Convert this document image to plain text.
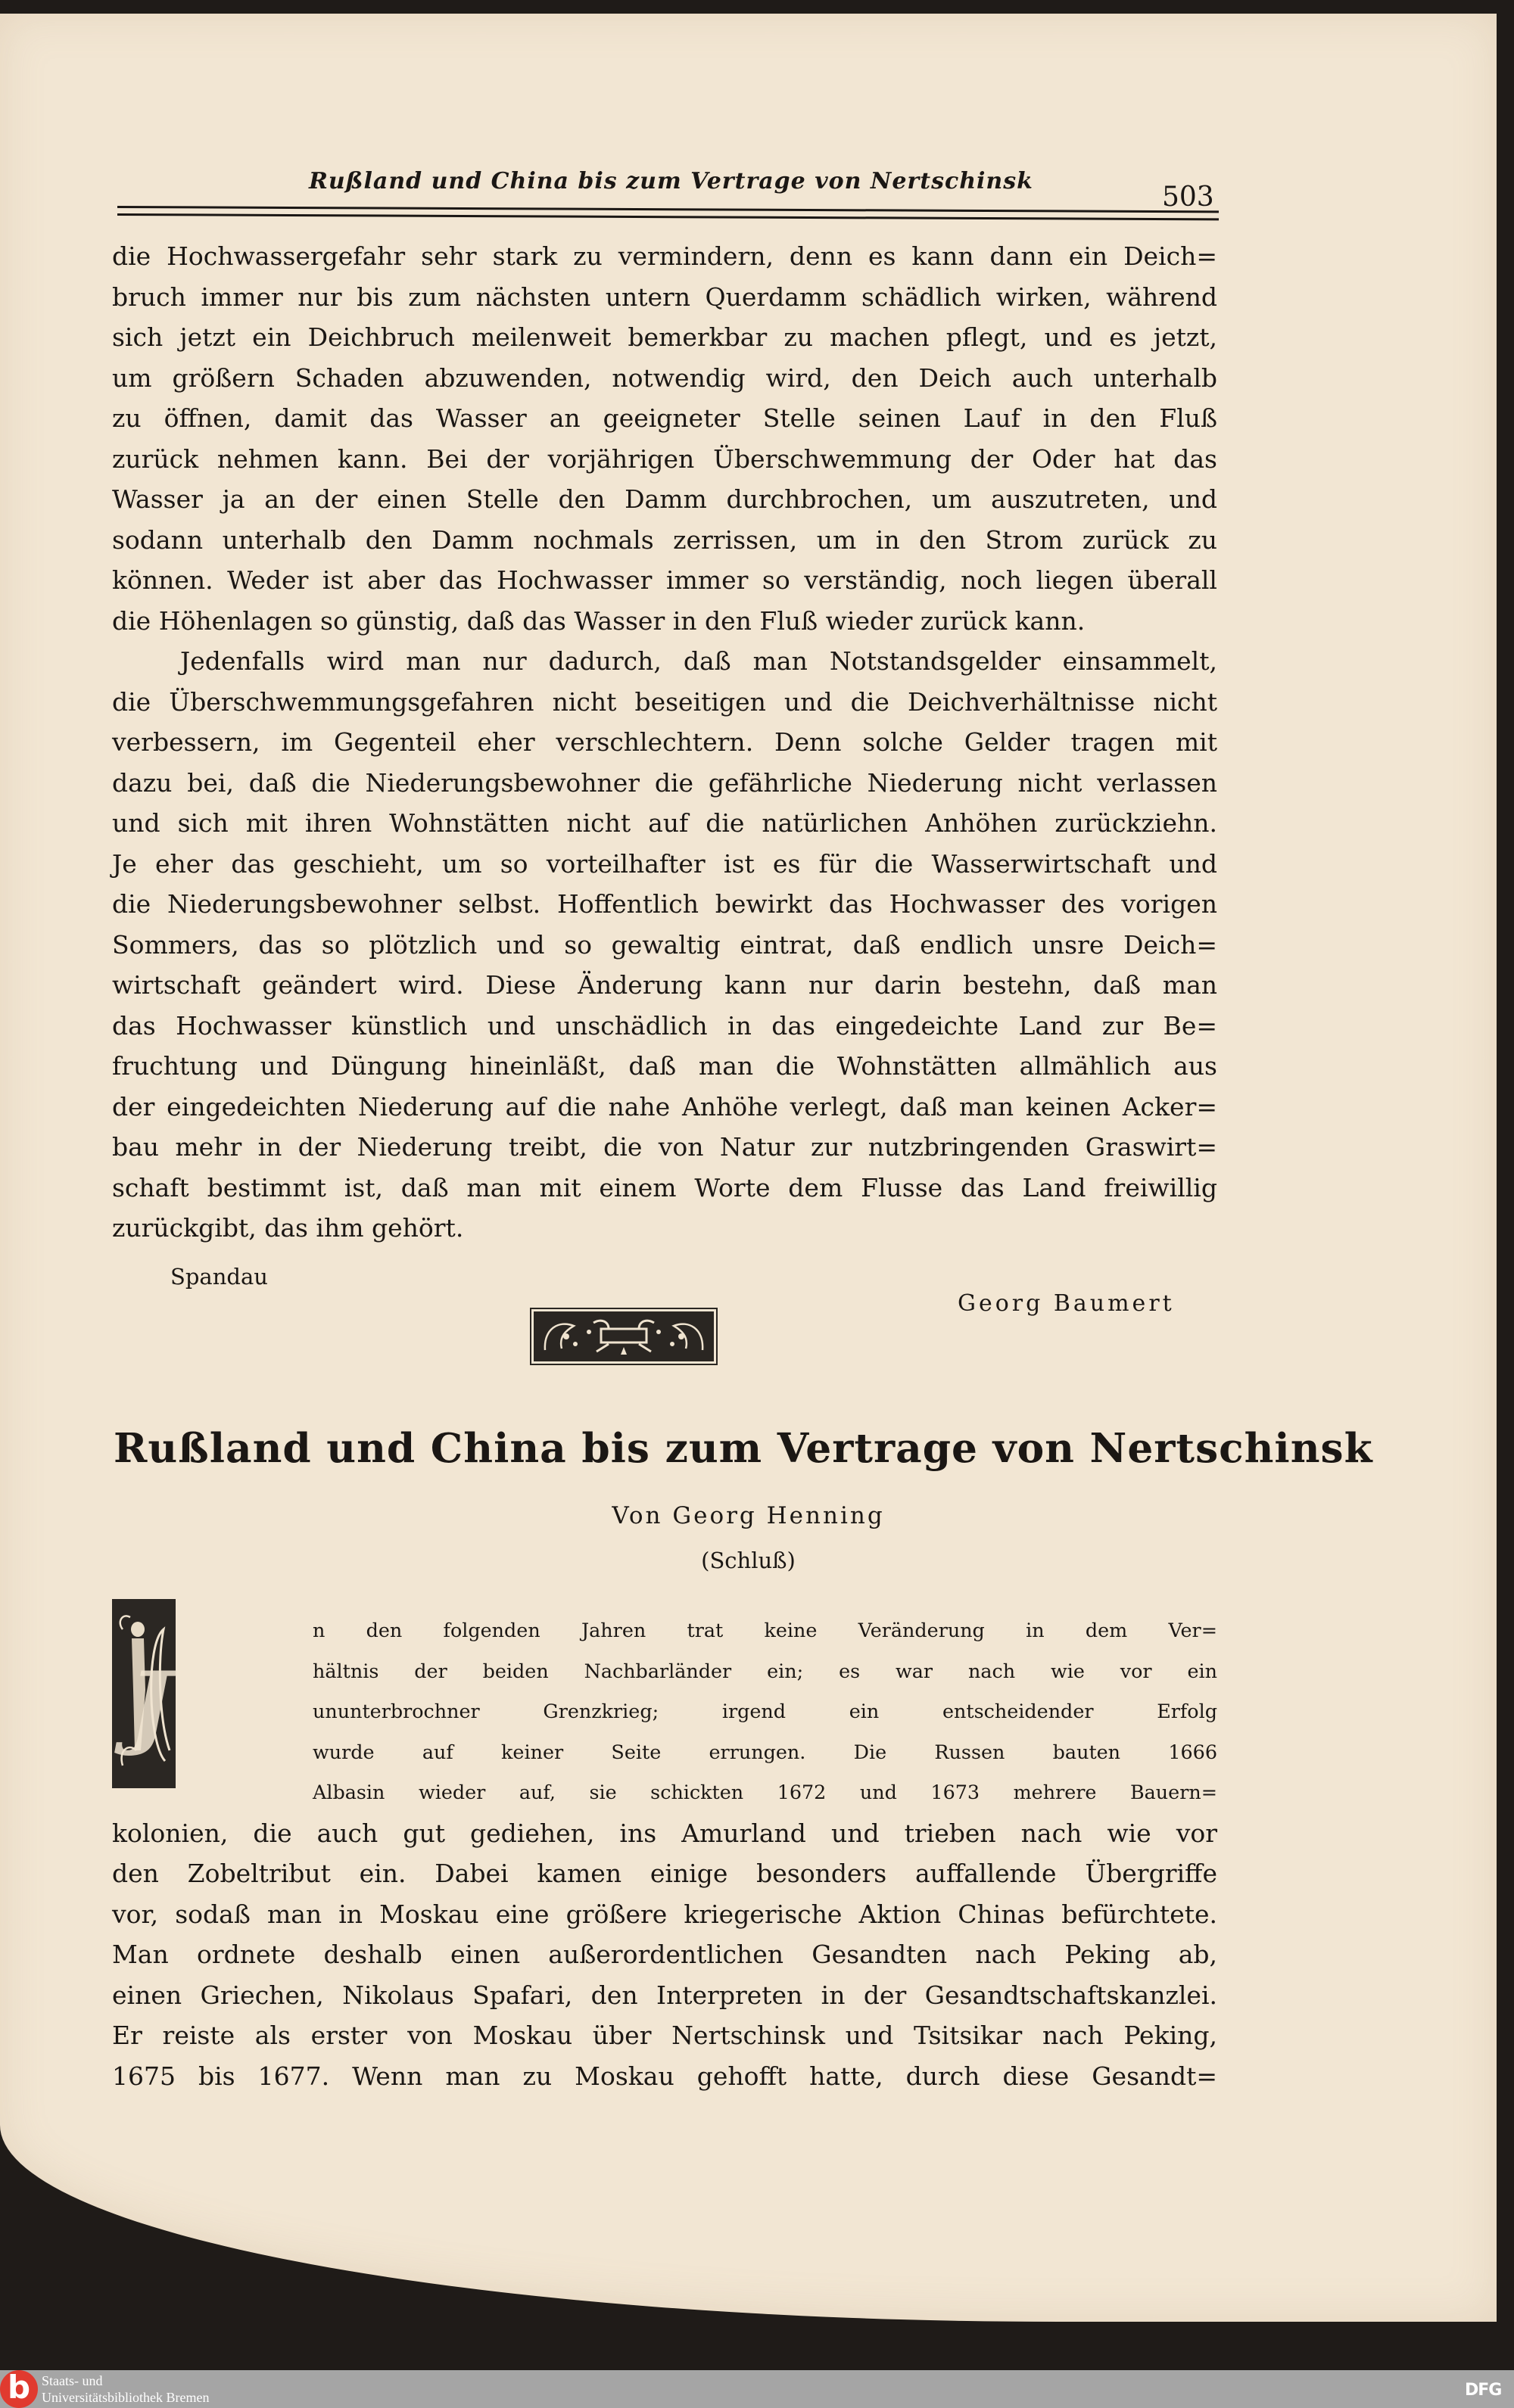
Rußland und China bis zum Vertrage von Nertschinsk
503
die Hochwassergefahr sehr stark zu vermindern, denn es kann dann ein Deich=
bruch immer nur bis zum nächsten untern Querdamm schädlich wirken, während
sich jetzt ein Deichbruch meilenweit bemerkbar zu machen pflegt, und es jetzt,
um größern Schaden abzuwenden, notwendig wird, den Deich auch unterhalb
zu öffnen, damit das Wasser an geeigneter Stelle seinen Lauf in den Fluß
zurück nehmen kann. Bei der vorjährigen Überschwemmung der Oder hat das
Wasser ja an der einen Stelle den Damm durchbrochen, um auszutreten, und
sodann unterhalb den Damm nochmals zerrissen, um in den Strom zurück zu
können. Weder ist aber das Hochwasser immer so verständig, noch liegen überall
die Höhenlagen so günstig, daß das Wasser in den Fluß wieder zurück kann.
Jedenfalls wird man nur dadurch, daß man Notstandsgelder einsammelt,
die Überschwemmungsgefahren nicht beseitigen und die Deichverhältnisse nicht
verbessern, im Gegenteil eher verschlechtern. Denn solche Gelder tragen mit
dazu bei, daß die Niederungsbewohner die gefährliche Niederung nicht verlassen
und sich mit ihren Wohnstätten nicht auf die natürlichen Anhöhen zurückziehn.
Je eher das geschieht, um so vorteilhafter ist es für die Wasserwirtschaft und
die Niederungsbewohner selbst. Hoffentlich bewirkt das Hochwasser des vorigen
Sommers, das so plötzlich und so gewaltig eintrat, daß endlich unsre Deich=
wirtschaft geändert wird. Diese Änderung kann nur darin bestehn, daß man
das Hochwasser künstlich und unschädlich in das eingedeichte Land zur Be=
fruchtung und Düngung hineinläßt, daß man die Wohnstätten allmählich aus
der eingedeichten Niederung auf die nahe Anhöhe verlegt, daß man keinen Acker=
bau mehr in der Niederung treibt, die von Natur zur nutzbringenden Graswirt=
schaft bestimmt ist, daß man mit einem Worte dem Flusse das Land freiwillig
zurückgibt, das ihm gehört.
Spandau
Georg Baumert
Rußland und China bis zum Vertrage von Nertschinsk
Von Georg Henning
(Schluß)
J
n den folgenden Jahren trat keine Veränderung in dem Ver=
hältnis der beiden Nachbarländer ein; es war nach wie vor ein
ununterbrochner Grenzkrieg; irgend ein entscheidender Erfolg
wurde auf keiner Seite errungen. Die Russen bauten 1666
Albasin wieder auf, sie schickten 1672 und 1673 mehrere Bauern=
kolonien, die auch gut gediehen, ins Amurland und trieben nach wie vor
den Zobeltribut ein. Dabei kamen einige besonders auffallende Übergriffe
vor, sodaß man in Moskau eine größere kriegerische Aktion Chinas befürchtete.
Man ordnete deshalb einen außerordentlichen Gesandten nach Peking ab,
einen Griechen, Nikolaus Spafari, den Interpreten in der Gesandtschaftskanzlei.
Er reiste als erster von Moskau über Nertschinsk und Tsitsikar nach Peking,
1675 bis 1677. Wenn man zu Moskau gehofft hatte, durch diese Gesandt=
b Staats- und
Universitätsbibliothek Bremen	DFG
